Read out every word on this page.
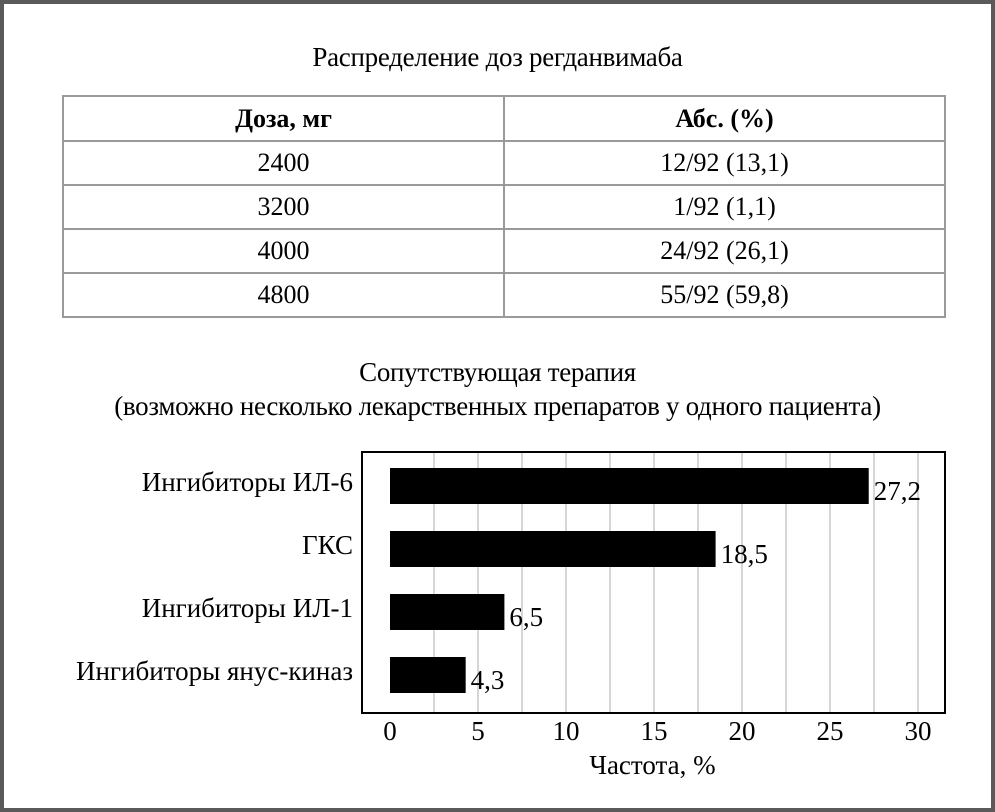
Распределение доз регданвимаба
Доза, мг	Абс. (%)
2400	12/92 (13,1)
3200	1/92 (1,1)
4000	24/92 (26,1)
4800	55/92 (59,8)
Сопутствующая терапия
(возможно несколько лекарственных препаратов у одного пациента)
27,2
Ингибиторы ИЛ-6
18,5
ГКС
6,5
Ингибиторы ИЛ-1
4,3
Ингибиторы янус-киназ
0	5	10 15 20 25 30
Частота, %
